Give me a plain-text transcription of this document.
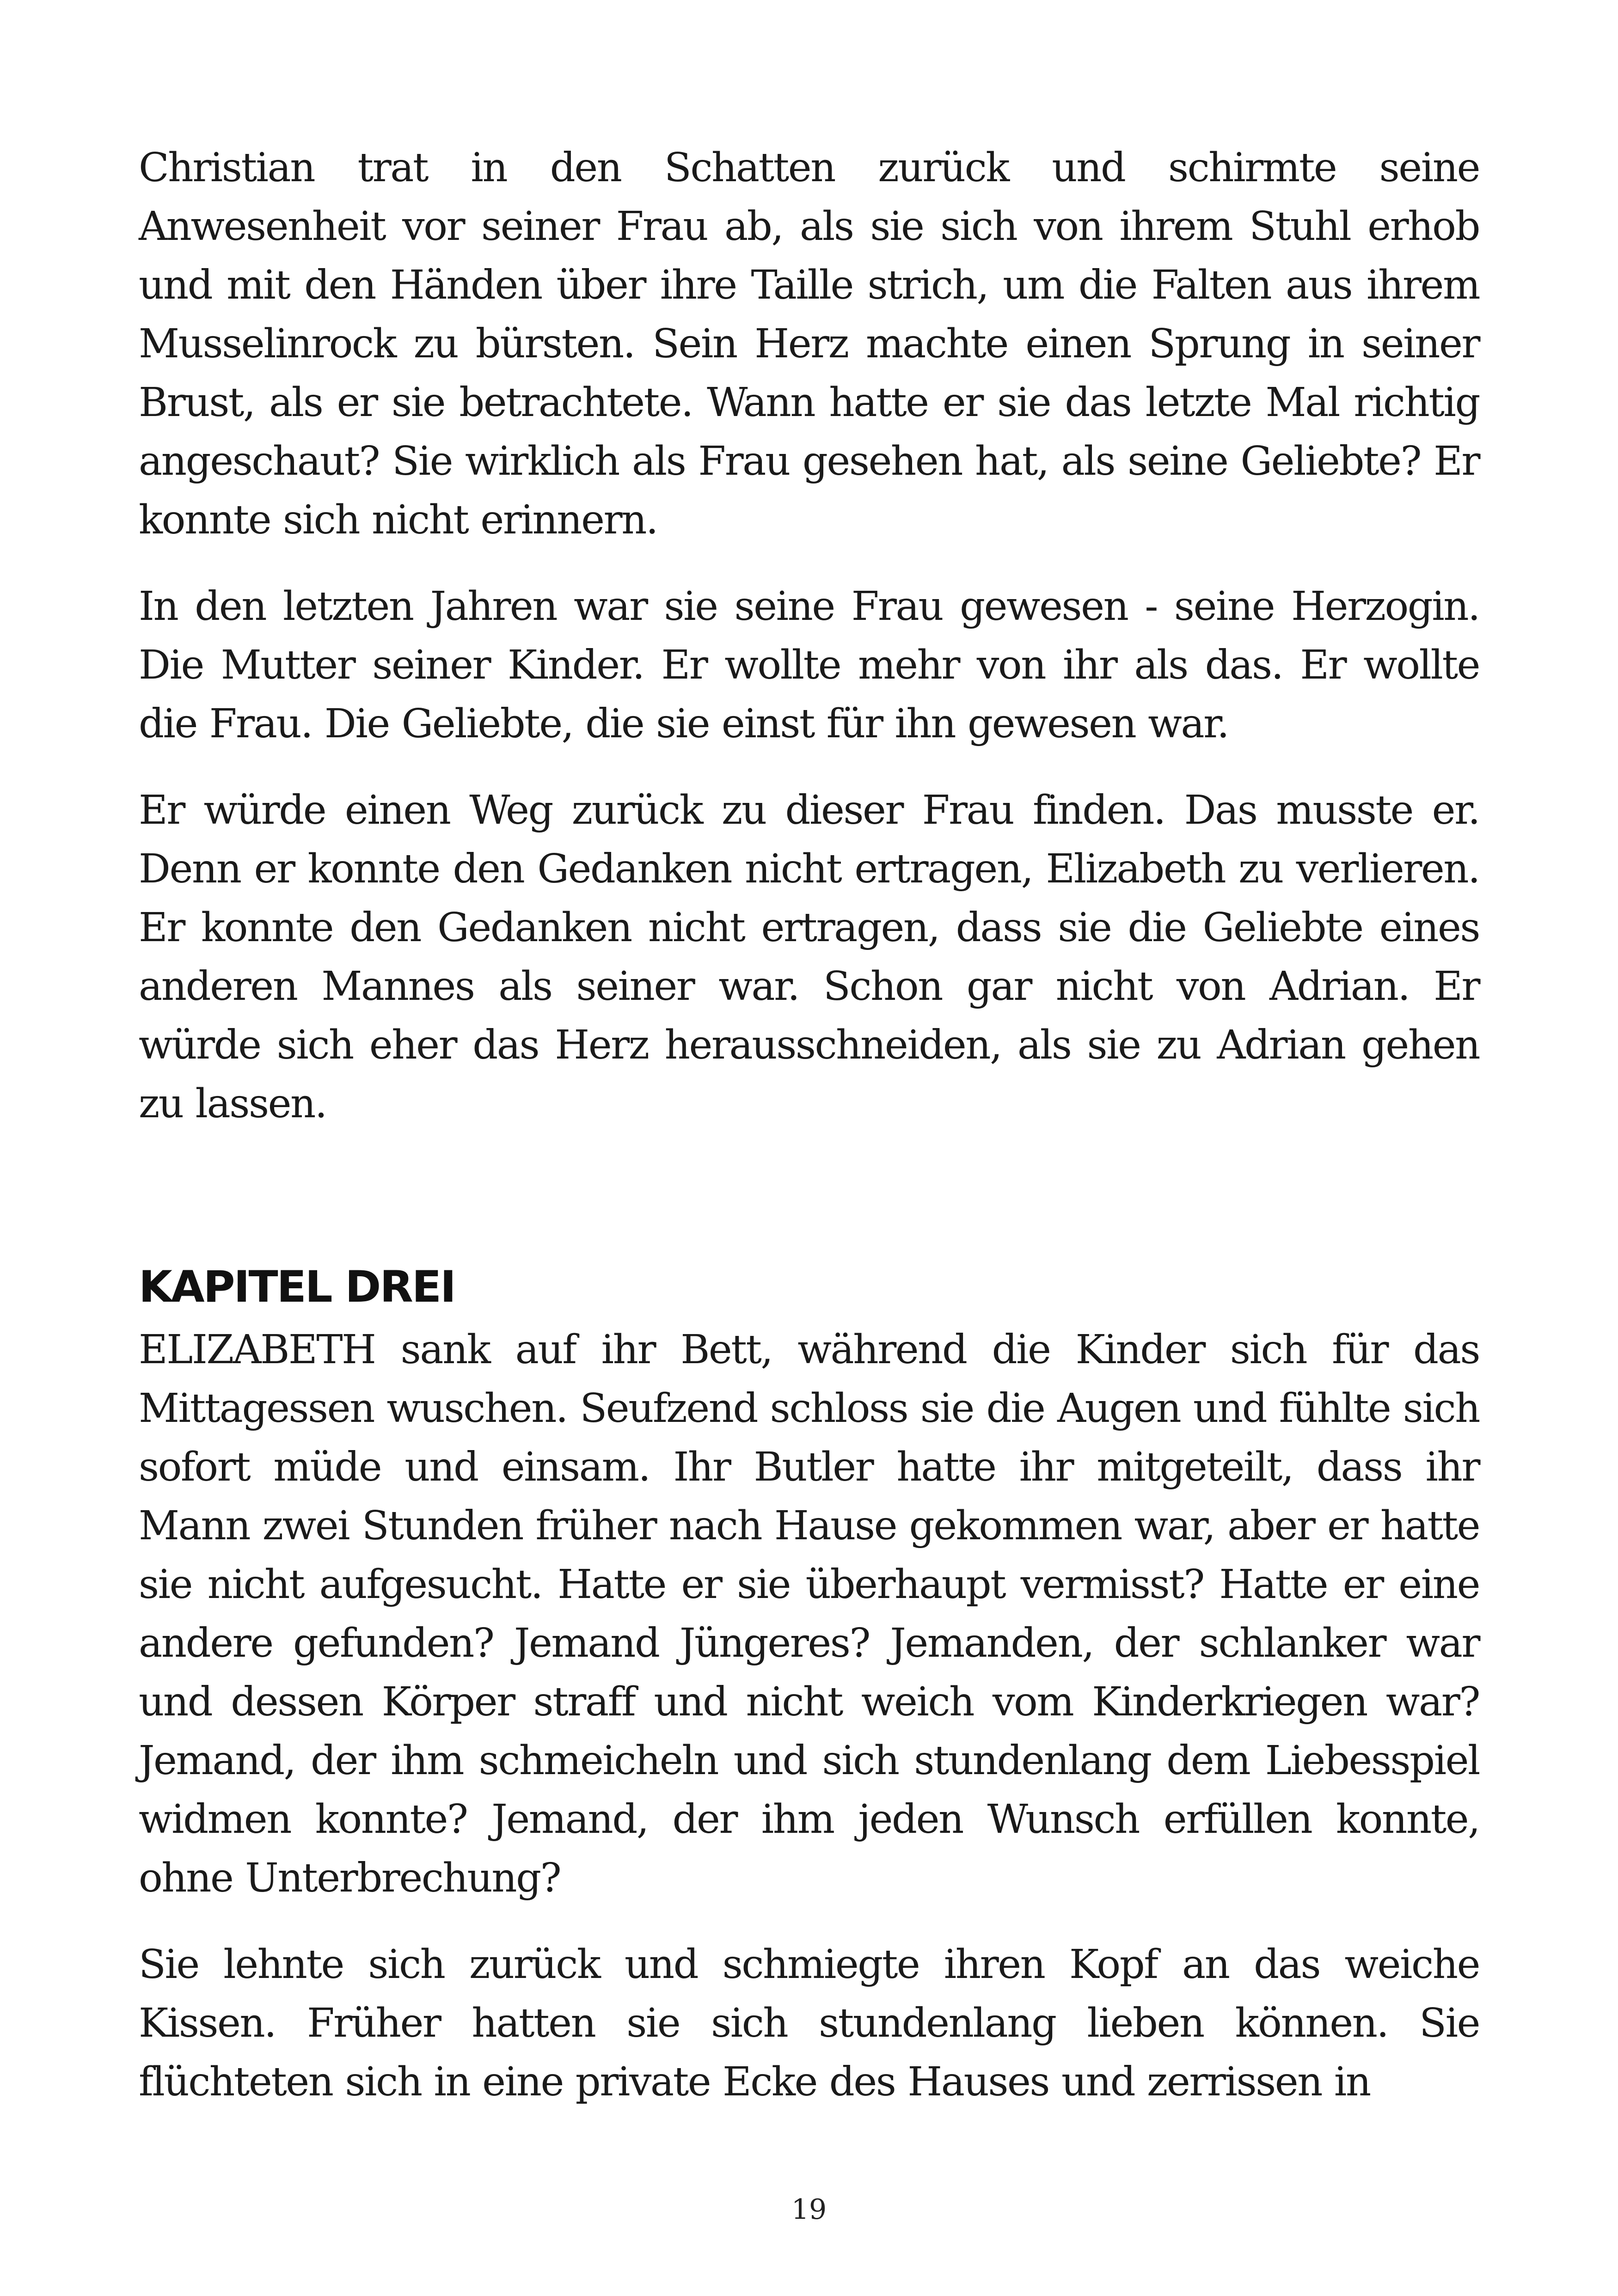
Christian trat in den Schatten zurück und schirmte seine Anwesenheit vor seiner Frau ab, als sie sich von ihrem Stuhl erhob und mit den Händen über ihre Taille strich, um die Falten aus ihrem Musselinrock zu bürsten. Sein Herz machte einen Sprung in seiner Brust, als er sie betrachtete. Wann hatte er sie das letzte Mal richtig angeschaut? Sie wirklich als Frau gesehen hat, als seine Geliebte? Er konnte sich nicht erinnern.

In den letzten Jahren war sie seine Frau gewesen - seine Herzogin. Die Mutter seiner Kinder. Er wollte mehr von ihr als das. Er wollte die Frau. Die Geliebte, die sie einst für ihn gewesen war.

Er würde einen Weg zurück zu dieser Frau finden. Das musste er. Denn er konnte den Gedanken nicht ertragen, Elizabeth zu verlieren. Er konnte den Gedanken nicht ertragen, dass sie die Geliebte eines anderen Mannes als seiner war. Schon gar nicht von Adrian. Er würde sich eher das Herz herausschneiden, als sie zu Adrian gehen zu lassen.

KAPITEL DREI

ELIZABETH sank auf ihr Bett, während die Kinder sich für das Mittagessen wuschen. Seufzend schloss sie die Augen und fühlte sich sofort müde und einsam. Ihr Butler hatte ihr mitgeteilt, dass ihr Mann zwei Stunden früher nach Hause gekommen war, aber er hatte sie nicht aufgesucht. Hatte er sie überhaupt vermisst? Hatte er eine andere gefunden? Jemand Jüngeres? Jemanden, der schlanker war und dessen Körper straff und nicht weich vom Kinderkriegen war? Jemand, der ihm schmeicheln und sich stundenlang dem Liebesspiel widmen konnte? Jemand, der ihm jeden Wunsch erfüllen konnte, ohne Unterbrechung?

Sie lehnte sich zurück und schmiegte ihren Kopf an das weiche Kissen. Früher hatten sie sich stundenlang lieben können. Sie flüchteten sich in eine private Ecke des Hauses und zerrissen in

19
